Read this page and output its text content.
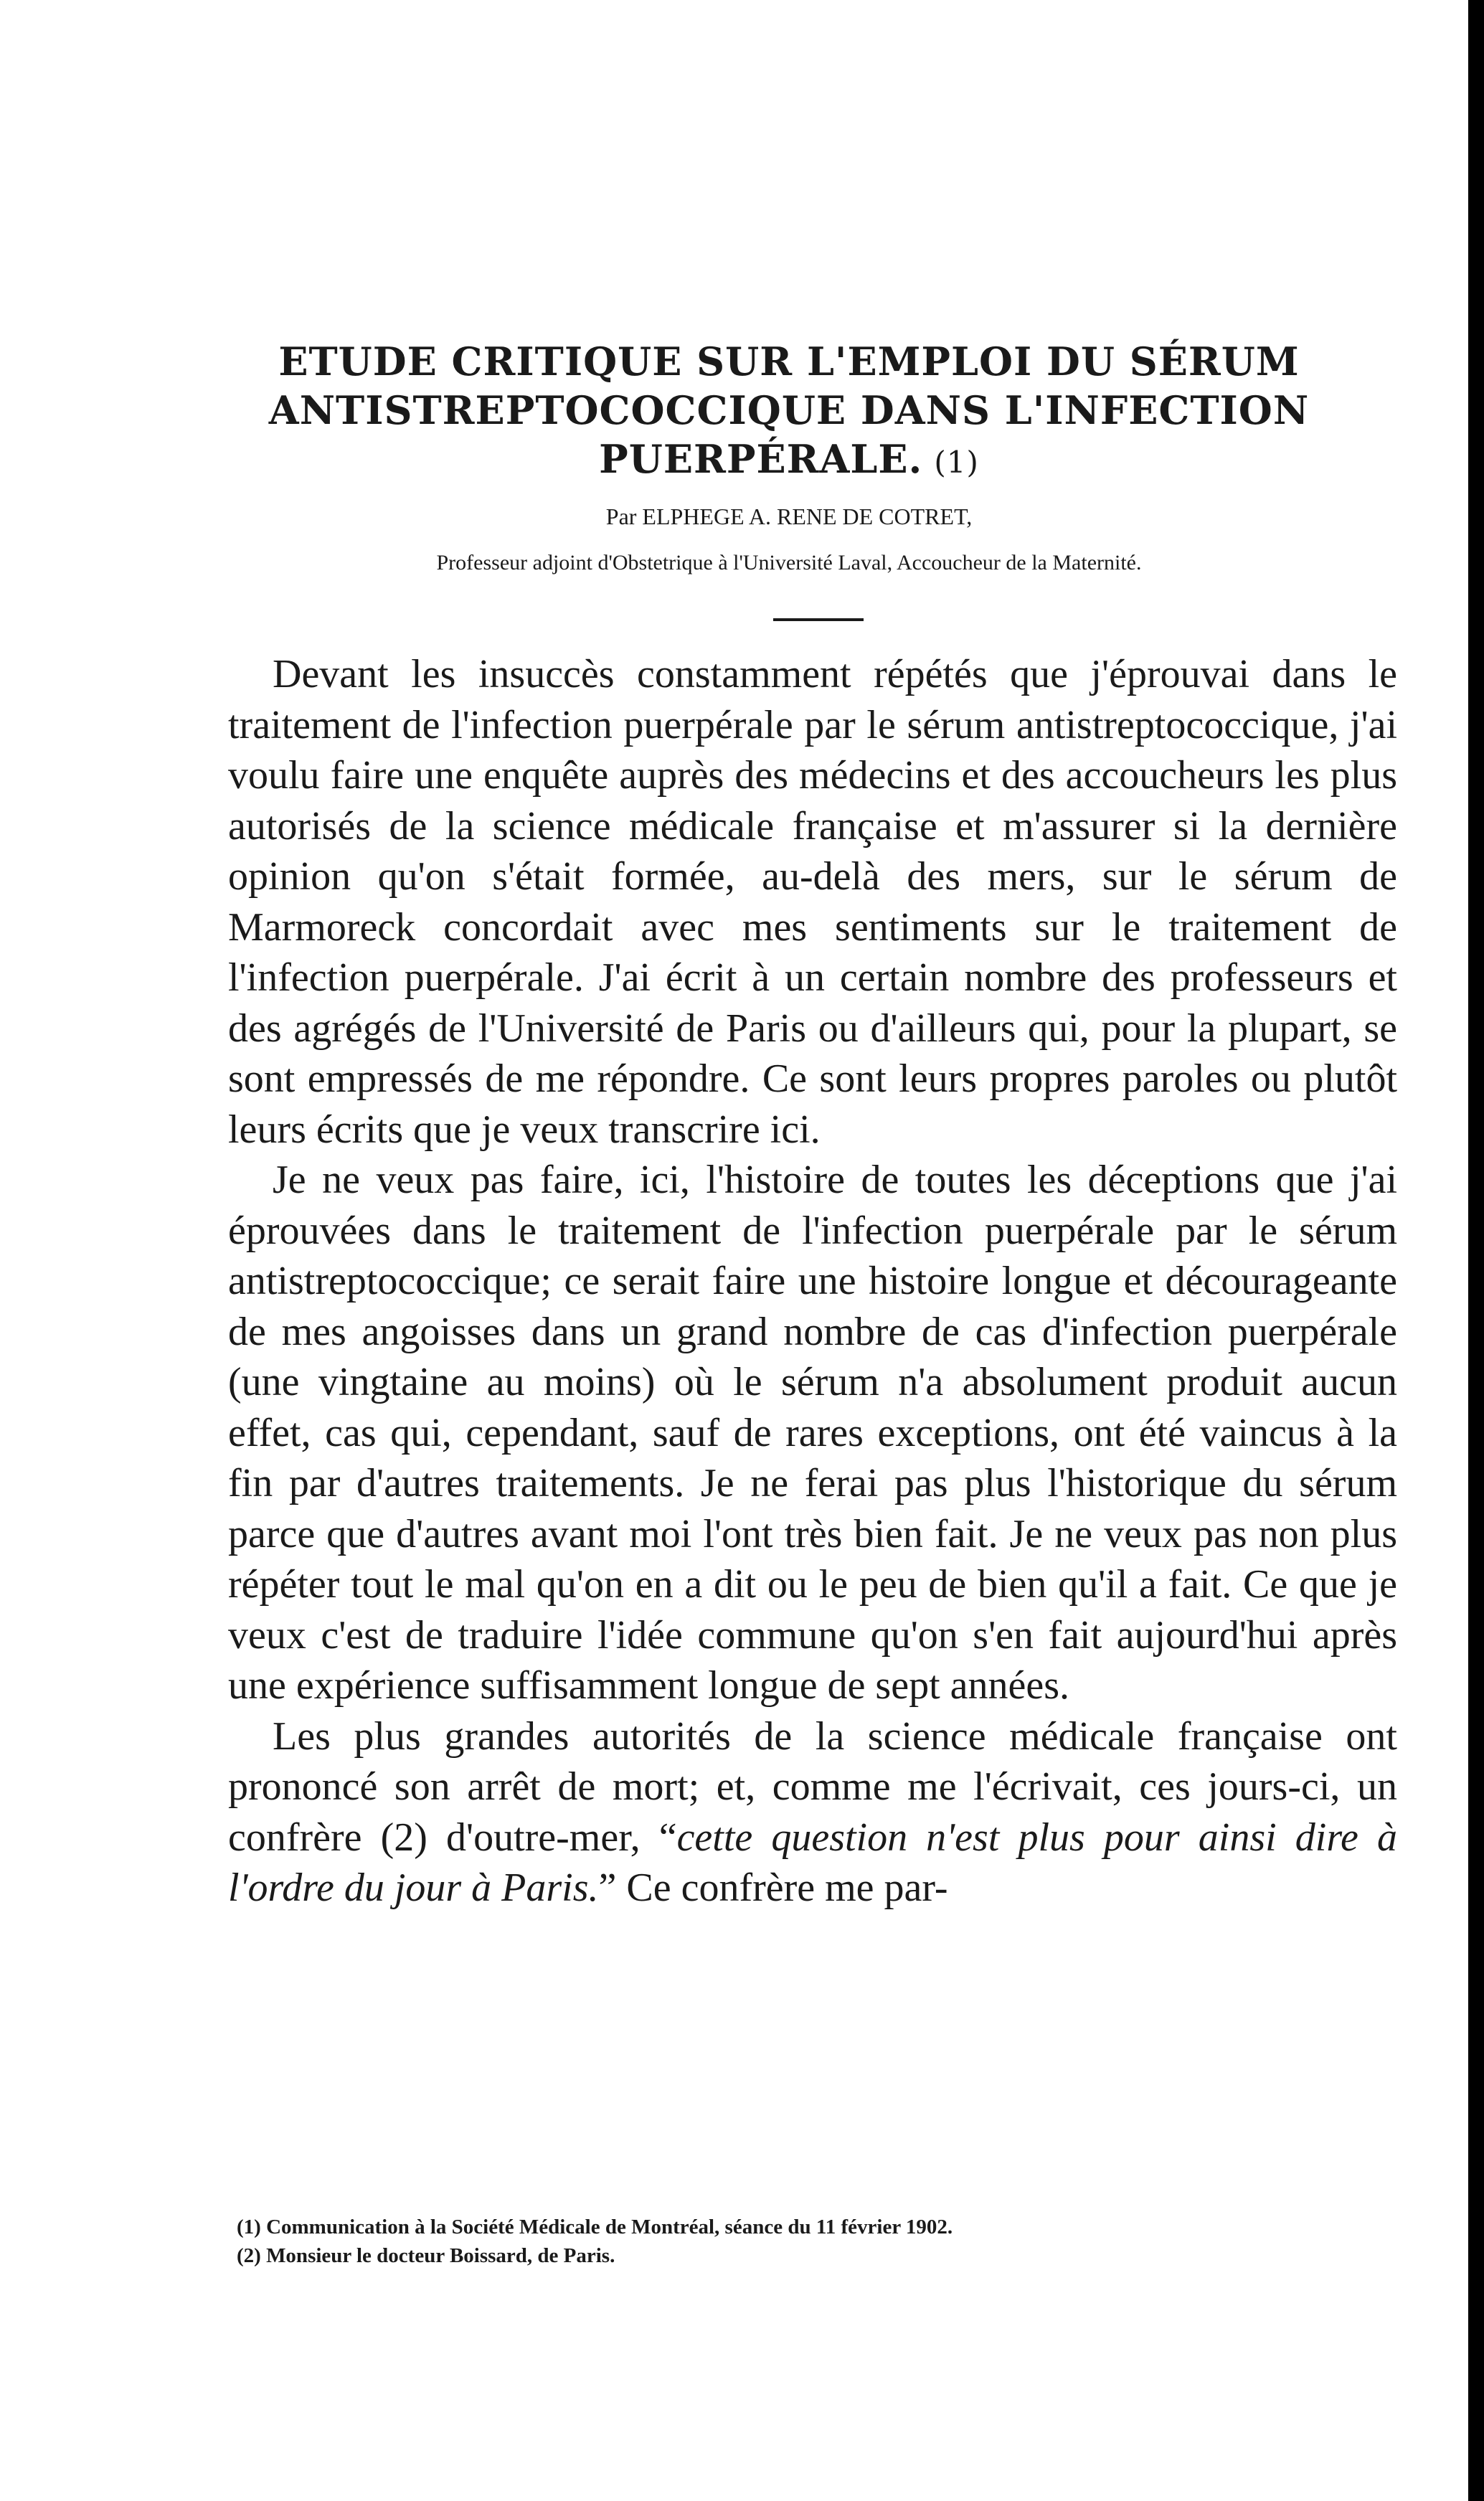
ETUDE CRITIQUE SUR L'EMPLOI DU SÉRUM
ANTISTREPTOCOCCIQUE DANS L'INFECTION
PUERPÉRALE. (1)
Par ELPHEGE A. RENE DE COTRET,
Professeur adjoint d'Obstetrique à l'Université Laval, Accoucheur de la Maternité.

Devant les insuccès constamment répétés que j'éprouvai dans le traitement de l'infection puerpérale par le sérum antistreptococcique, j'ai voulu faire une enquête auprès des médecins et des accoucheurs les plus autorisés de la science médicale française et m'assurer si la dernière opinion qu'on s'était formée, au-delà des mers, sur le sérum de Marmoreck concordait avec mes sentiments sur le traitement de l'infection puerpérale. J'ai écrit à un certain nombre des professeurs et des agrégés de l'Université de Paris ou d'ailleurs qui, pour la plupart, se sont empressés de me répondre. Ce sont leurs propres paroles ou plutôt leurs écrits que je veux transcrire ici.

Je ne veux pas faire, ici, l'histoire de toutes les déceptions que j'ai éprouvées dans le traitement de l'infection puerpérale par le sérum antistreptococcique; ce serait faire une histoire longue et décourageante de mes angoisses dans un grand nombre de cas d'infection puerpérale (une vingtaine au moins) où le sérum n'a absolument produit aucun effet, cas qui, cependant, sauf de rares exceptions, ont été vaincus à la fin par d'autres traitements. Je ne ferai pas plus l'historique du sérum parce que d'autres avant moi l'ont très bien fait. Je ne veux pas non plus répéter tout le mal qu'on en a dit ou le peu de bien qu'il a fait. Ce que je veux c'est de traduire l'idée commune qu'on s'en fait aujourd'hui après une expérience suffisamment longue de sept années.

Les plus grandes autorités de la science médicale française ont prononcé son arrêt de mort; et, comme me l'écrivait, ces jours-ci, un confrère (2) d'outre-mer, “cette question n'est plus pour ainsi dire à l'ordre du jour à Paris.” Ce confrère me par-

(1) Communication à la Société Médicale de Montréal, séance du 11 février 1902.

(2) Monsieur le docteur Boissard, de Paris.
